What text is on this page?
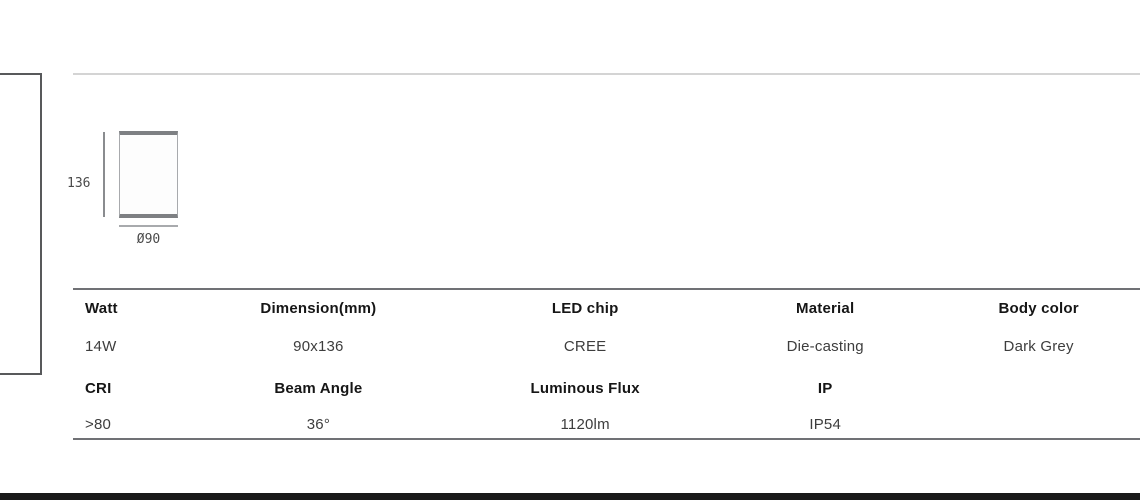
136
Ø90
Watt	Dimension(mm)	LED chip	Material	Body color
14W	90x136	CREE	Die-casting	Dark Grey
CRI	Beam Angle	Luminous Flux	IP	
>80	36°	1120lm	IP54	
